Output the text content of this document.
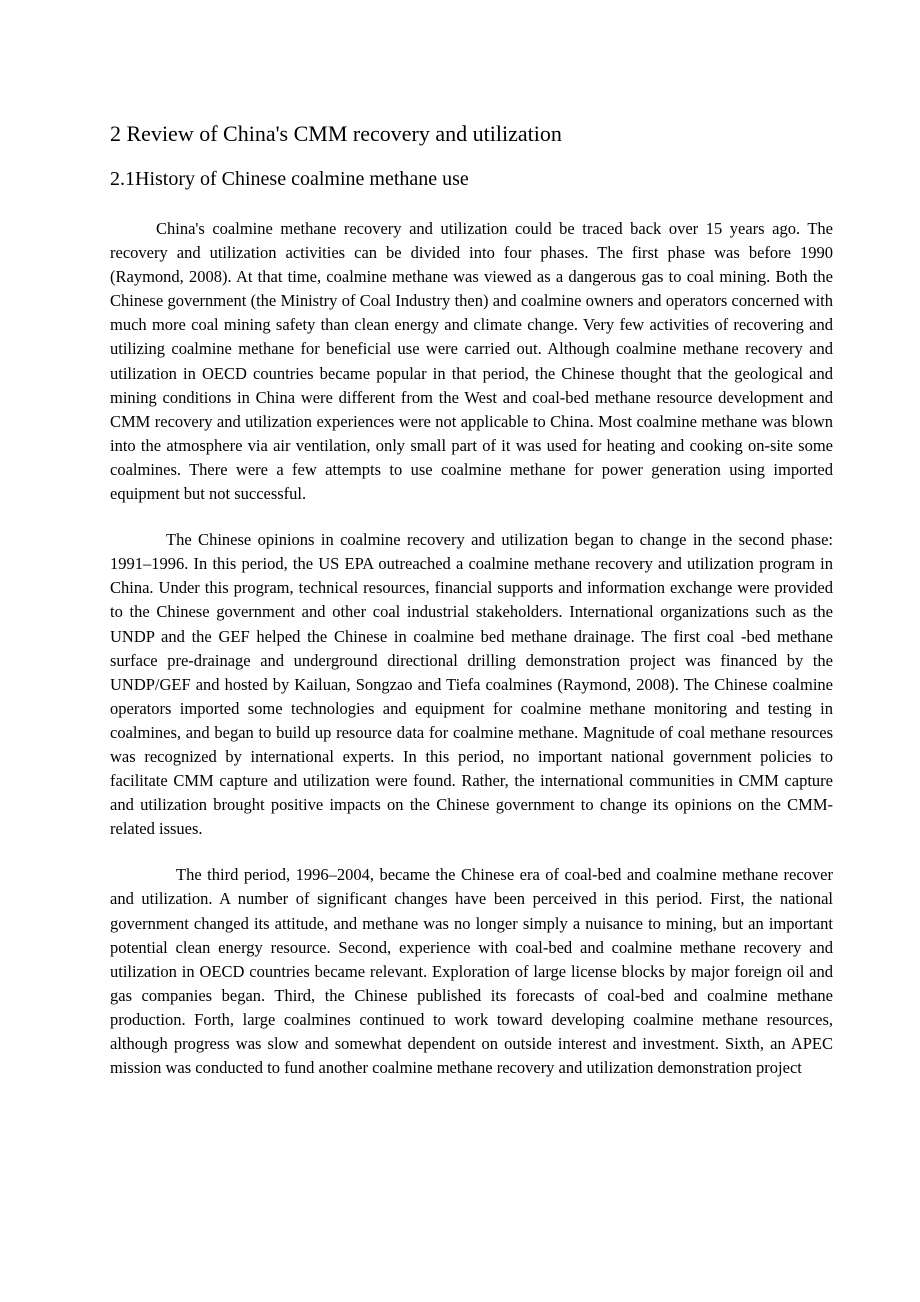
2 Review of China's CMM recovery and utilization
2.1History of Chinese coalmine methane use

China's coalmine methane recovery and utilization could be traced back over 15 years ago. The recovery and utilization activities can be divided into four phases. The first phase was before 1990 (Raymond, 2008). At that time, coalmine methane was viewed as a dangerous gas to coal mining. Both the Chinese government (the Ministry of Coal Industry then) and coalmine owners and operators concerned with much more coal mining safety than clean energy and climate change. Very few activities of recovering and utilizing coalmine methane for beneficial use were carried out. Although coalmine methane recovery and utilization in OECD countries became popular in that period, the Chinese thought that the geological and mining conditions in China were different from the West and coal-bed methane resource development and CMM recovery and utilization experiences were not applicable to China. Most coalmine methane was blown into the atmosphere via air ventilation, only small part of it was used for heating and cooking on-site some coalmines. There were a few attempts to use coalmine methane for power generation using imported equipment but not successful.

The Chinese opinions in coalmine recovery and utilization began to change in the second phase: 1991–1996. In this period, the US EPA outreached a coalmine methane recovery and utilization program in China. Under this program, technical resources, financial supports and information exchange were provided to the Chinese government and other coal industrial stakeholders. International organizations such as the UNDP and the GEF helped the Chinese in coalmine bed methane drainage. The first coal -bed methane surface pre-drainage and underground directional drilling demonstration project was financed by the UNDP/GEF and hosted by Kailuan, Songzao and Tiefa coalmines (Raymond, 2008). The Chinese coalmine operators imported some technologies and equipment for coalmine methane monitoring and testing in coalmines, and began to build up resource data for coalmine methane. Magnitude of coal methane resources was recognized by international experts. In this period, no important national government policies to facilitate CMM capture and utilization were found. Rather, the international communities in CMM capture and utilization brought positive impacts on the Chinese government to change its opinions on the CMM-related issues.

The third period, 1996–2004, became the Chinese era of coal-bed and coalmine methane recover and utilization. A number of significant changes have been perceived in this period. First, the national government changed its attitude, and methane was no longer simply a nuisance to mining, but an important potential clean energy resource. Second, experience with coal-bed and coalmine methane recovery and utilization in OECD countries became relevant. Exploration of large license blocks by major foreign oil and gas companies began. Third, the Chinese published its forecasts of coal-bed and coalmine methane production. Forth, large coalmines continued to work toward developing coalmine methane resources, although progress was slow and somewhat dependent on outside interest and investment. Sixth, an APEC mission was conducted to fund another coalmine methane recovery and utilization demonstration project
